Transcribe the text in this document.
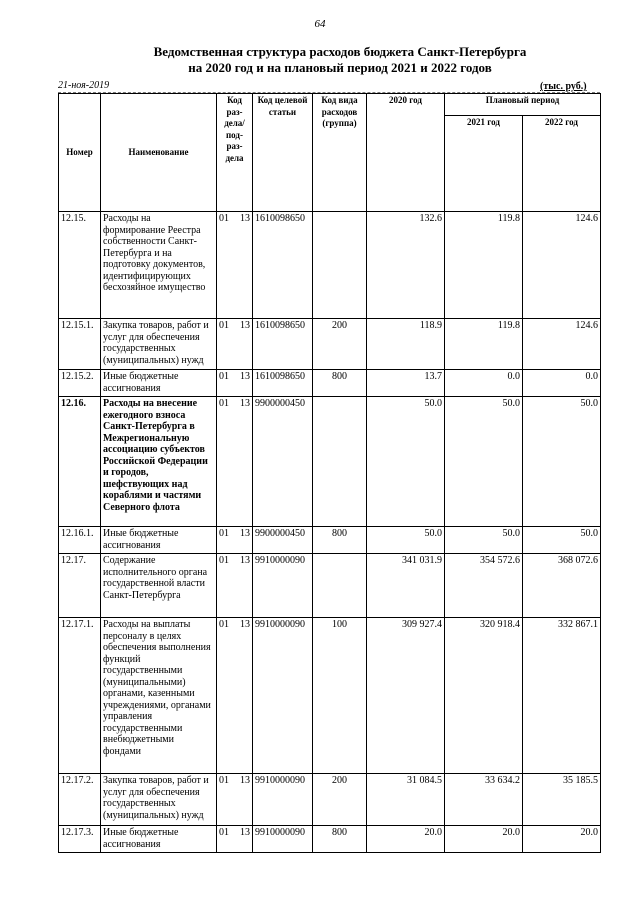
64
Ведомственная структура расходов бюджета Санкт-Петербурга
на 2020 год и на плановый период 2021 и 2022 годов
21-ноя-2019	(тыс. руб.)
Номер	Наименование	Код раз-дела/ под-раз-дела		Код целевой статьи	Код вида расходов (группа)	2020 год	Плановый период	
							2021 год	2022 год
12.15.	Расходы на формирование Реестра собственности Санкт-Петербурга и на подготовку документов, идентифицирующих бесхозяйное имущество	01	13	1610098650		132.6	119.8	124.6
12.15.1.	Закупка товаров, работ и услуг для обеспечения государственных (муниципальных) нужд	01	13	1610098650	200	118.9	119.8	124.6
12.15.2.	Иные бюджетные ассигнования	01	13	1610098650	800	13.7	0.0	0.0
12.16.	Расходы на внесение ежегодного взноса Санкт-Петербурга в Межрегиональную ассоциацию субъектов Российской Федерации и городов, шефствующих над кораблями и частями Северного флота	01	13	9900000450		50.0	50.0	50.0
12.16.1.	Иные бюджетные ассигнования	01	13	9900000450	800	50.0	50.0	50.0
12.17.	Содержание исполнительного органа государственной власти Санкт-Петербурга	01	13	9910000090		341 031.9	354 572.6	368 072.6
12.17.1.	Расходы на выплаты персоналу в целях обеспечения выполнения функций государственными (муниципальными) органами, казенными учреждениями, органами управления государственными внебюджетными фондами	01	13	9910000090	100	309 927.4	320 918.4	332 867.1
12.17.2.	Закупка товаров, работ и услуг для обеспечения государственных (муниципальных) нужд	01	13	9910000090	200	31 084.5	33 634.2	35 185.5
12.17.3.	Иные бюджетные ассигнования	01	13	9910000090	800	20.0	20.0	20.0
